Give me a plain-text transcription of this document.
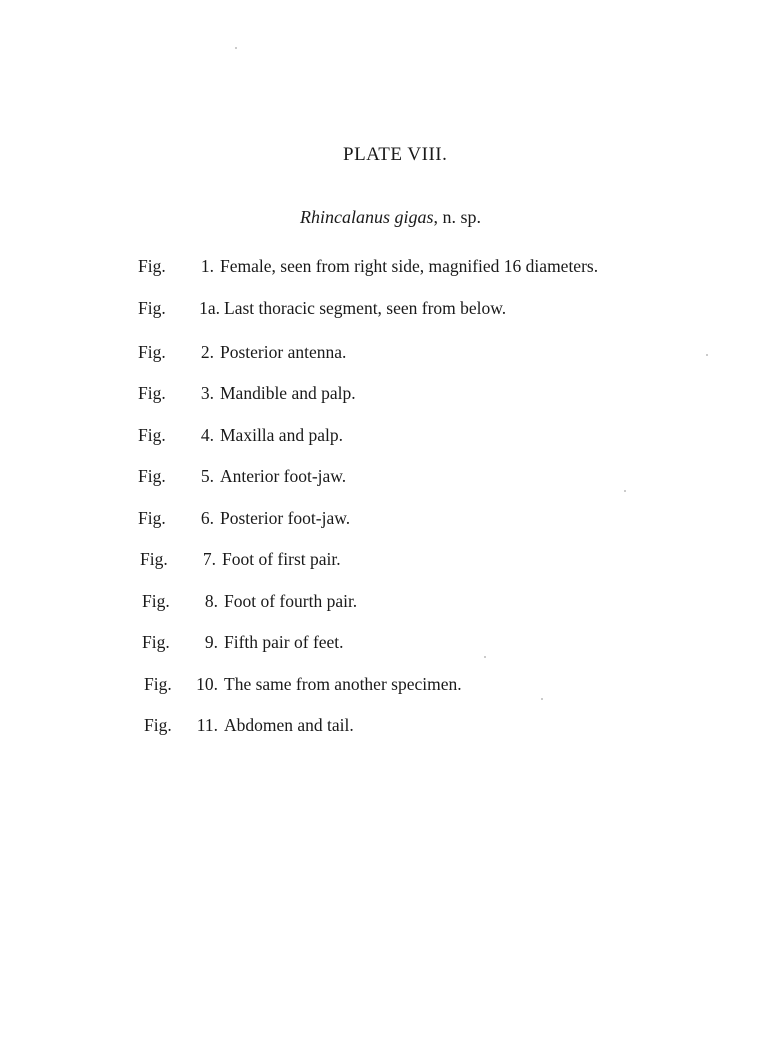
PLATE VIII.
Rhincalanus gigas, n. sp.
Fig. 1. Female, seen from right side, magnified 16 diameters.
Fig. 1a. Last thoracic segment, seen from below.
Fig. 2. Posterior antenna.
Fig. 3. Mandible and palp.
Fig. 4. Maxilla and palp.
Fig. 5. Anterior foot-jaw.
Fig. 6. Posterior foot-jaw.
Fig. 7. Foot of first pair.
Fig. 8. Foot of fourth pair.
Fig. 9. Fifth pair of feet.
Fig. 10. The same from another specimen.
Fig. 11. Abdomen and tail.
